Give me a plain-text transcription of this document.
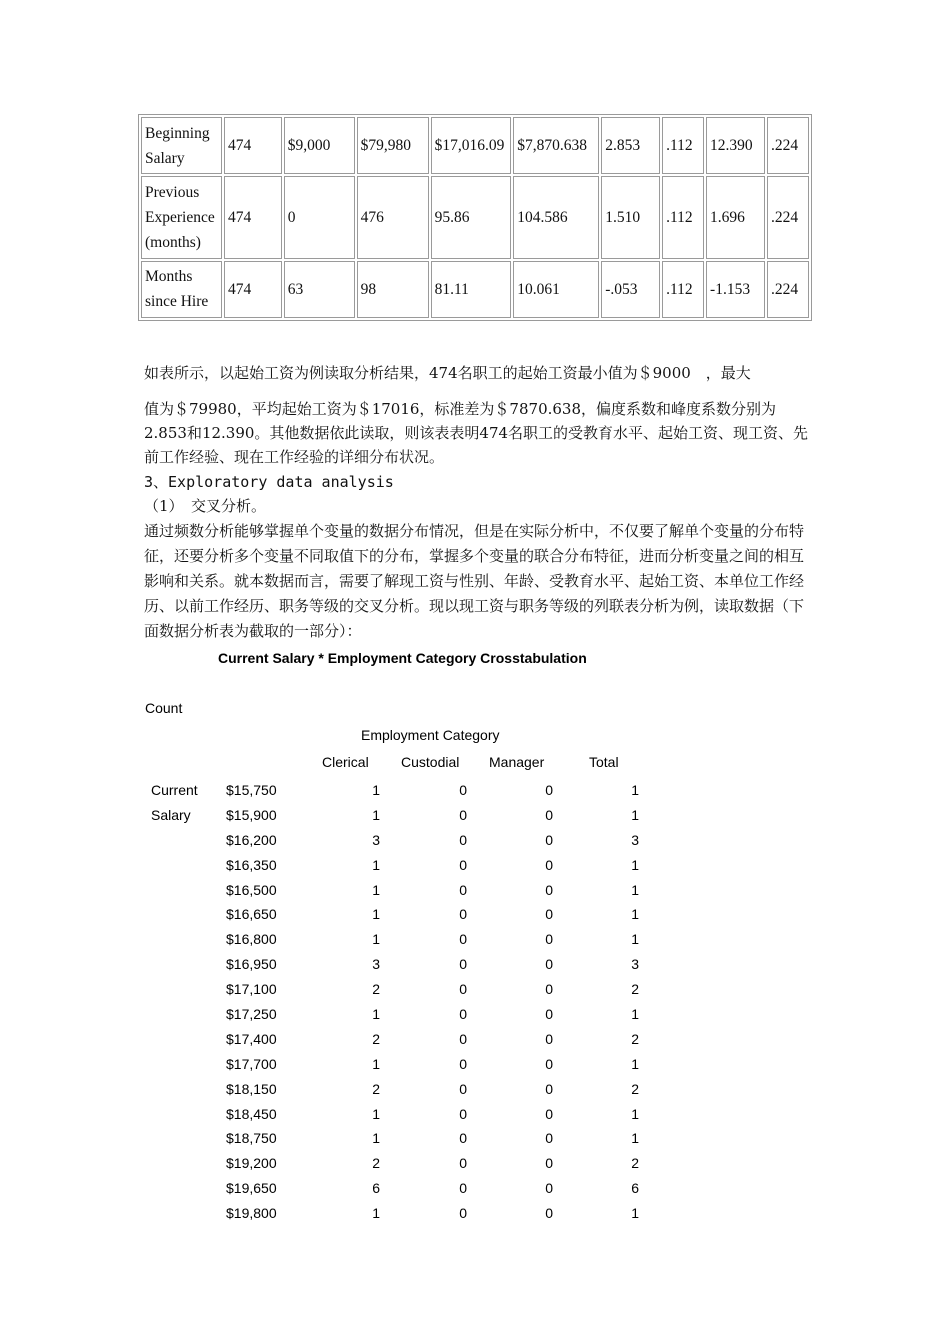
Beginning Salary	474	$9,000	$79,980	$17,016.09	$7,870.638	2.853	.112	12.390	.224
Previous Experience (months)	474	0	476	95.86	104.586	1.510	.112	1.696	.224
Months since Hire	474	63	98	81.11	10.061	-.053	.112	-1.153	.224

如表所示，以起始工资为例读取分析结果，474名职工的起始工资最小值为＄9000　，最大

值为＄79980，平均起始工资为＄17016，标准差为＄7870.638，偏度系数和峰度系数分别为2.853和12.390。其他数据依此读取，则该表表明474名职工的受教育水平、起始工资、现工资、先前工作经验、现在工作经验的详细分布状况。

3、Exploratory data analysis

（1）　交叉分析。

通过频数分析能够掌握单个变量的数据分布情况，但是在实际分析中，不仅要了解单个变量的分布特征，还要分析多个变量不同取值下的分布，掌握多个变量的联合分布特征，进而分析变量之间的相互影响和关系。就本数据而言，需要了解现工资与性别、年龄、受教育水平、起始工资、本单位工作经历、以前工作经历、职务等级的交叉分析。现以现工资与职务等级的列联表分析为例，读取数据（下面数据分析表为截取的一部分）：

Current Salary * Employment Category Crosstabulation
Count
Employment Category
Clerical Custodial Manager	Total
Current
Salary
$15,750	1	0	0	1
$15,900	1	0	0	1
$16,200	3	0	0	3
$16,350	1	0	0	1
$16,500	1	0	0	1
$16,650	1	0	0	1
$16,800	1	0	0	1
$16,950	3	0	0	3
$17,100	2	0	0	2
$17,250	1	0	0	1
$17,400	2	0	0	2
$17,700	1	0	0	1
$18,150	2	0	0	2
$18,450	1	0	0	1
$18,750	1	0	0	1
$19,200	2	0	0	2
$19,650	6	0	0	6
$19,800	1	0	0	1
